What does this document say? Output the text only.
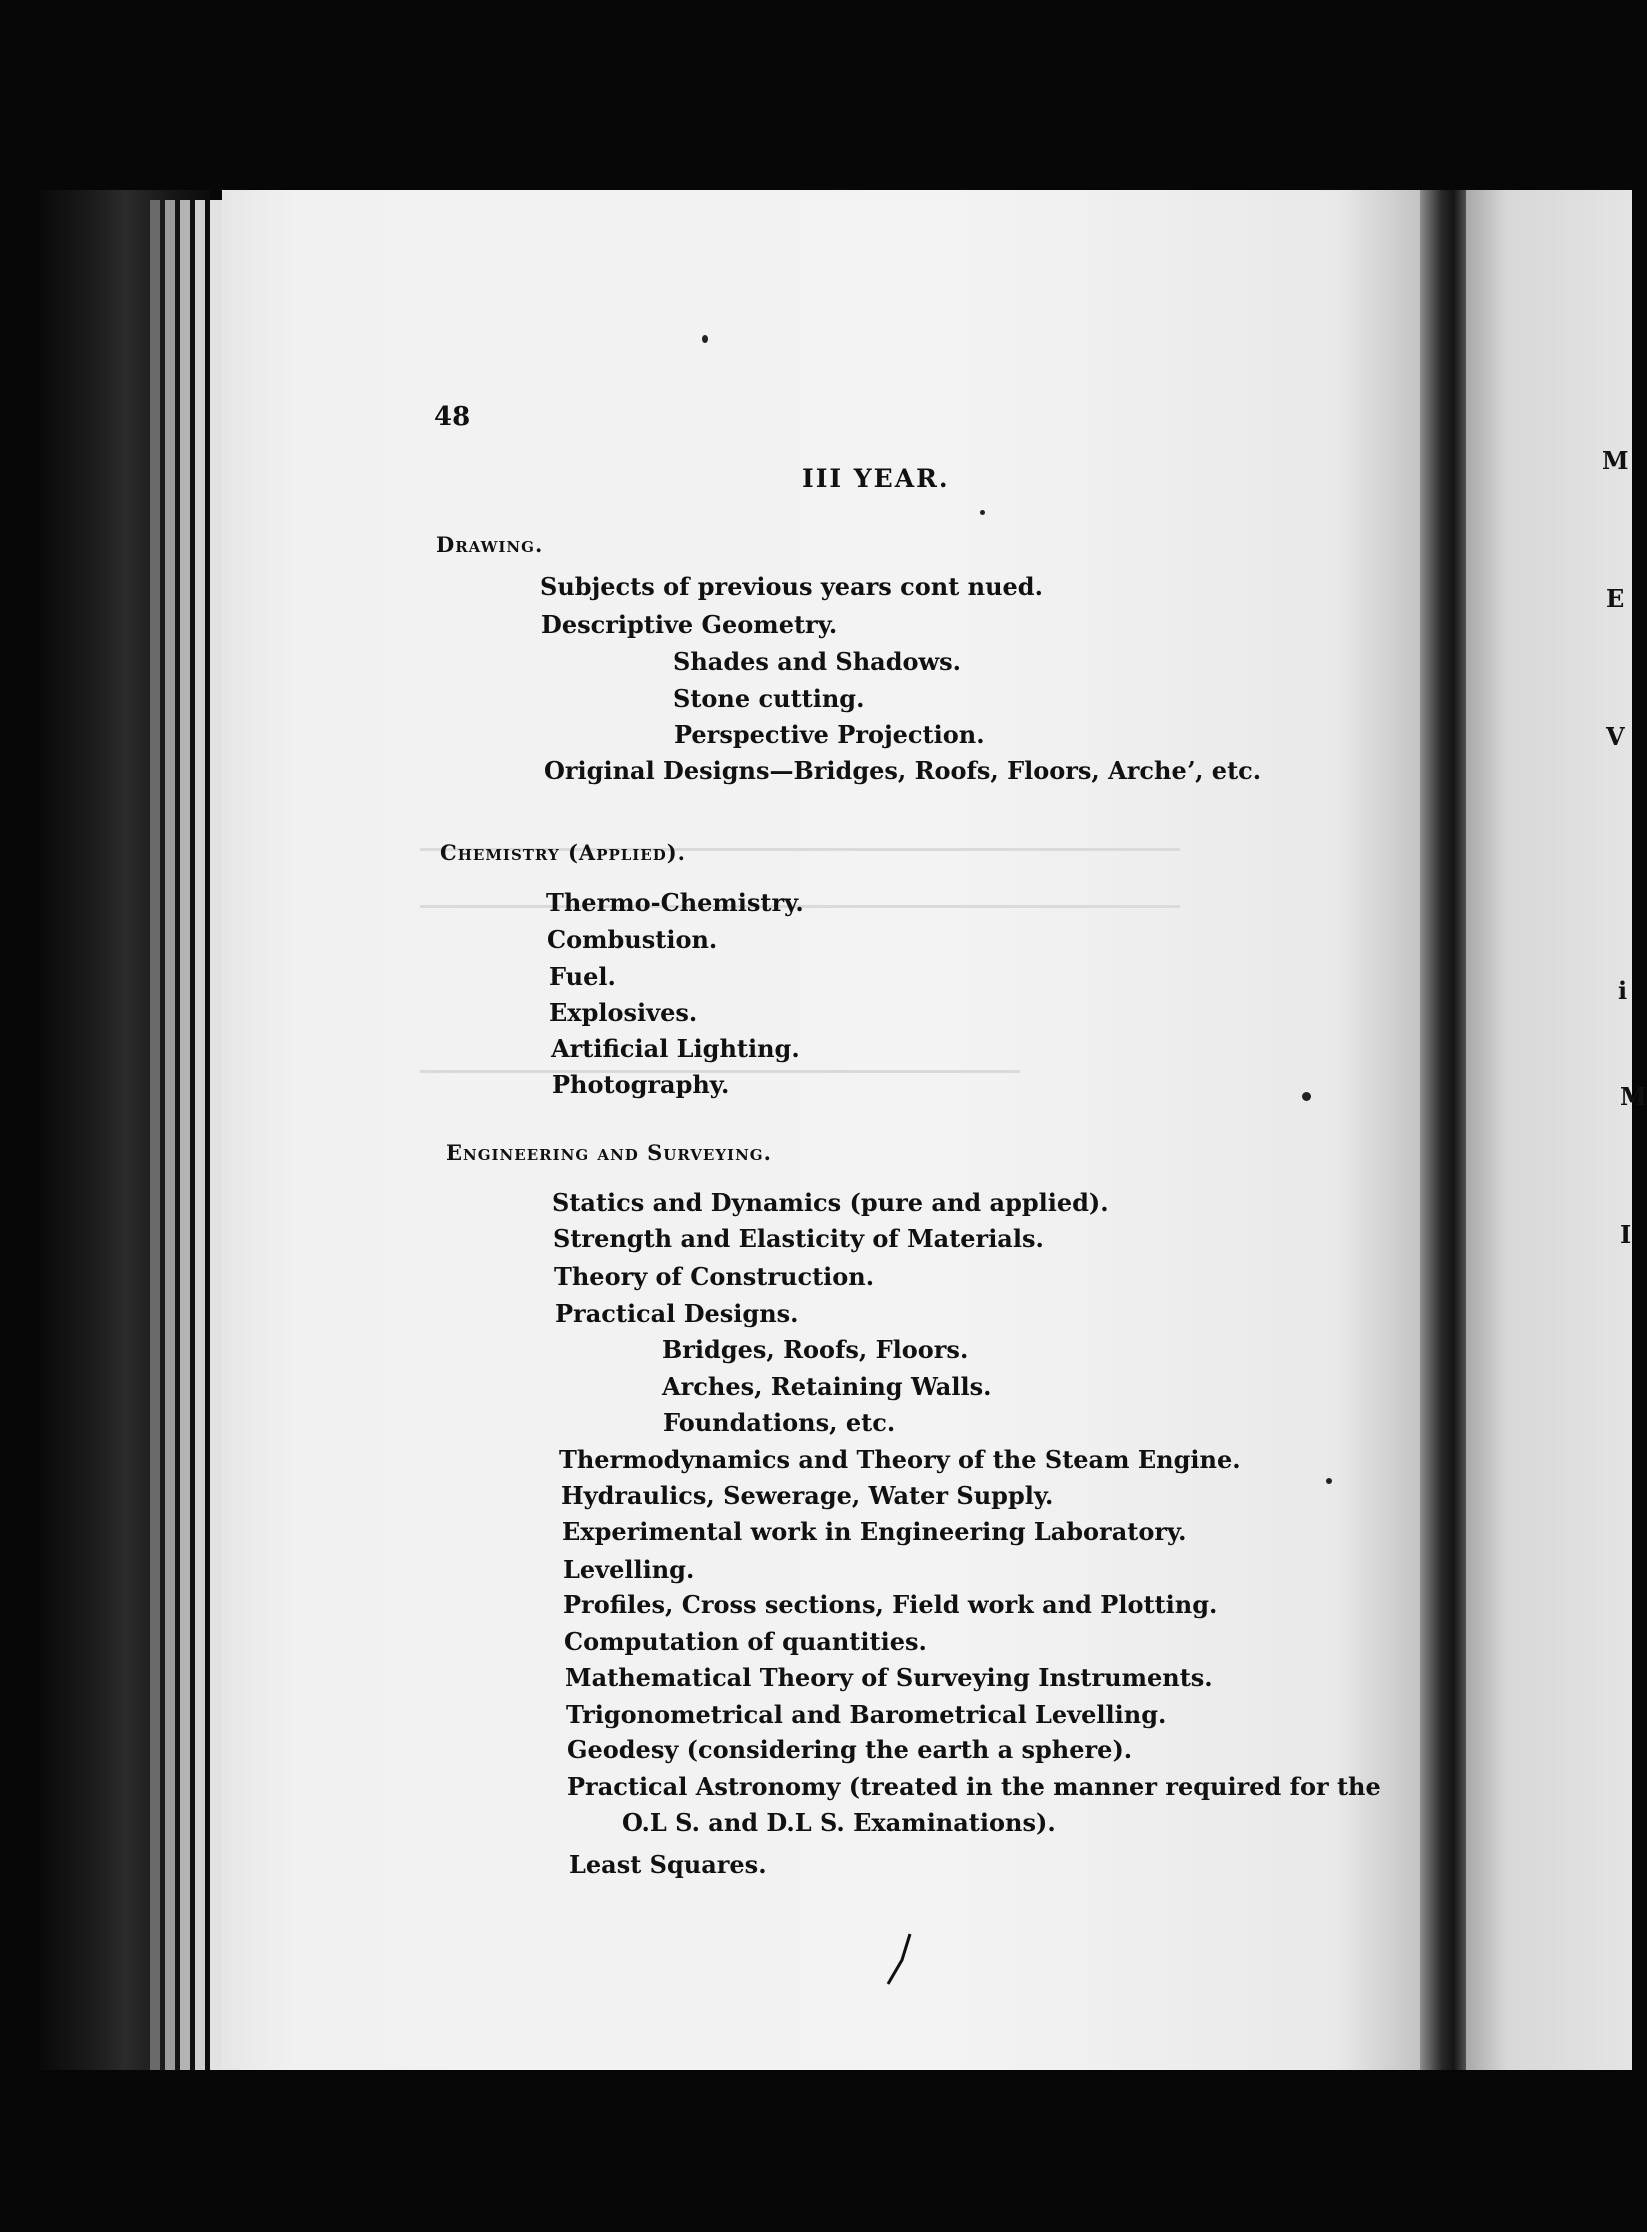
48

III YEAR.

Drawing.

Subjects of previous years cont nued.

Descriptive Geometry.

Shades and Shadows.

Stone cutting.

Perspective Projection.

Original Designs—Bridges, Roofs, Floors, Archeʼ, etc.

Chemistry (Applied).

Thermo-Chemistry.

Combustion.

Fuel.

Explosives.

Artificial Lighting.

Photography.

Engineering and Surveying.

Statics and Dynamics (pure and applied).

Strength and Elasticity of Materials.

Theory of Construction.

Practical Designs.

Bridges, Roofs, Floors.

Arches, Retaining Walls.

Foundations, etc.

Thermodynamics and Theory of the Steam Engine.

Hydraulics, Sewerage, Water Supply.

Experimental work in Engineering Laboratory.

Levelling.

Profiles, Cross sections, Field work and Plotting.

Computation of quantities.

Mathematical Theory of Surveying Instruments.

Trigonometrical and Barometrical Levelling.

Geodesy (considering the earth a sphere).

Practical Astronomy (treated in the manner required for the

O.L S. and D.L S. Examinations).

Least Squares.

M

E

V

i

M

I
